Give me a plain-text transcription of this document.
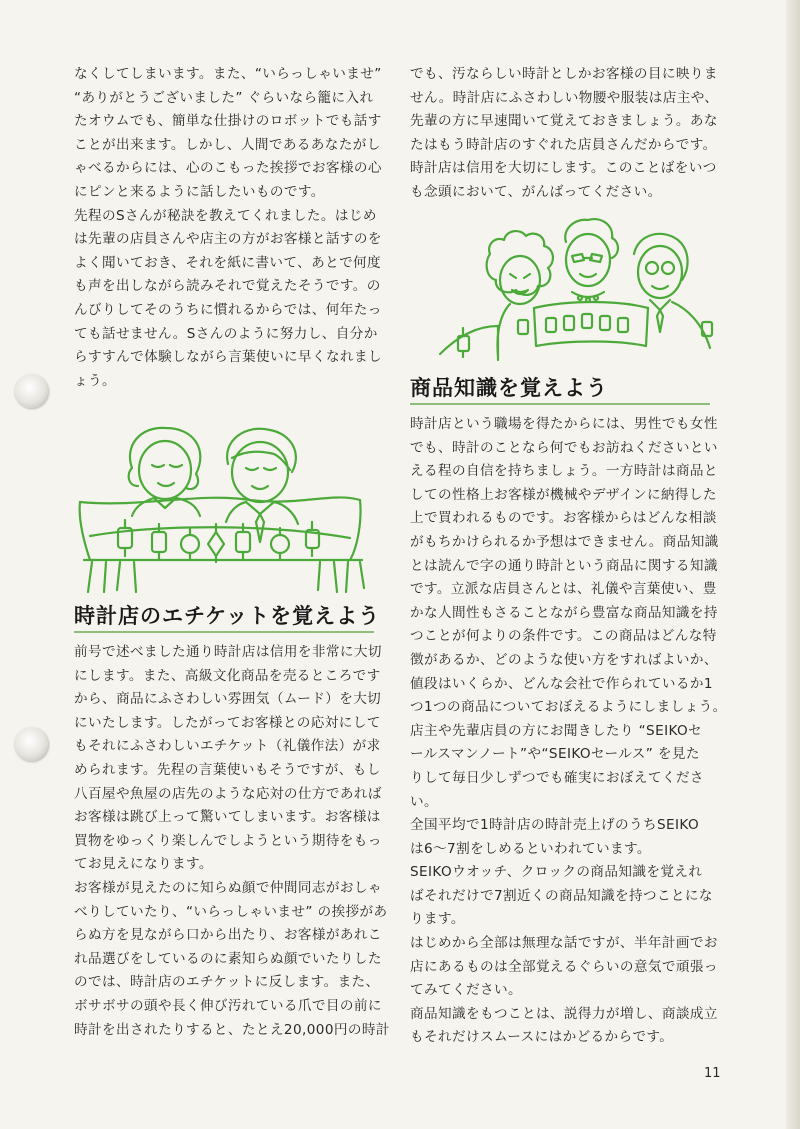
なくしてしまいます。また、“いらっしゃいませ”
“ありがとうございました” ぐらいなら籠に入れ
たオウムでも、簡単な仕掛けのロボットでも話す
ことが出来ます。しかし、人間であるあなたがし
ゃべるからには、心のこもった挨拶でお客様の心
にピンと来るように話したいものです。
先程のSさんが秘訣を教えてくれました。はじめ
は先輩の店員さんや店主の方がお客様と話すのを
よく聞いておき、それを紙に書いて、あとで何度
も声を出しながら読みそれで覚えたそうです。の
んびりしてそのうちに慣れるからでは、何年たっ
ても話せません。Sさんのように努力し、自分か
らすすんで体験しながら言葉使いに早くなれまし
ょう。

時計店のエチケットを覚えよう

前号で述べました通り時計店は信用を非常に大切
にします。また、高級文化商品を売るところです
から、商品にふさわしい雰囲気（ムード）を大切
にいたします。したがってお客様との応対にして
もそれにふさわしいエチケット（礼儀作法）が求
められます。先程の言葉使いもそうですが、もし
八百屋や魚屋の店先のような応対の仕方であれば
お客様は跳び上って驚いてしまいます。お客様は
買物をゆっくり楽しんでしようという期待をもっ
てお見えになります。
お客様が見えたのに知らぬ顔で仲間同志がおしゃ
べりしていたり、“いらっしゃいませ” の挨拶があ
らぬ方を見ながら口から出たり、お客様があれこ
れ品選びをしているのに素知らぬ顔でいたりした
のでは、時計店のエチケットに反します。また、
ボサボサの頭や長く伸び汚れている爪で目の前に
時計を出されたりすると、たとえ20,000円の時計

でも、汚ならしい時計としかお客様の目に映りま
せん。時計店にふさわしい物腰や服装は店主や、
先輩の方に早速聞いて覚えておきましょう。あな
たはもう時計店のすぐれた店員さんだからです。
時計店は信用を大切にします。このことばをいつ
も念頭において、がんばってください。

商品知識を覚えよう

時計店という職場を得たからには、男性でも女性
でも、時計のことなら何でもお訪ねくださいとい
える程の自信を持ちましょう。一方時計は商品と
しての性格上お客様が機械やデザインに納得した
上で買われるものです。お客様からはどんな相談
がもちかけられるか予想はできません。商品知識
とは読んで字の通り時計という商品に関する知識
です。立派な店員さんとは、礼儀や言葉使い、豊
かな人間性もさることながら豊富な商品知識を持
つことが何よりの条件です。この商品はどんな特
徴があるか、どのような使い方をすればよいか、
値段はいくらか、どんな会社で作られているか1
つ1つの商品についておぼえるようにしましょう。
店主や先輩店員の方にお聞きしたり “SEIKOセ
ールスマンノート”や“SEIKOセールス” を見た
りして毎日少しずつでも確実におぼえてください。
全国平均で1時計店の時計売上げのうちSEIKO
は6～7割をしめるといわれています。
SEIKOウオッチ、クロックの商品知識を覚えれ
ばそれだけで7割近くの商品知識を持つことにな
ります。
はじめから全部は無理な話ですが、半年計画でお
店にあるものは全部覚えるぐらいの意気で頑張っ
てみてください。
商品知識をもつことは、説得力が増し、商談成立
もそれだけスムースにはかどるからです。

11
